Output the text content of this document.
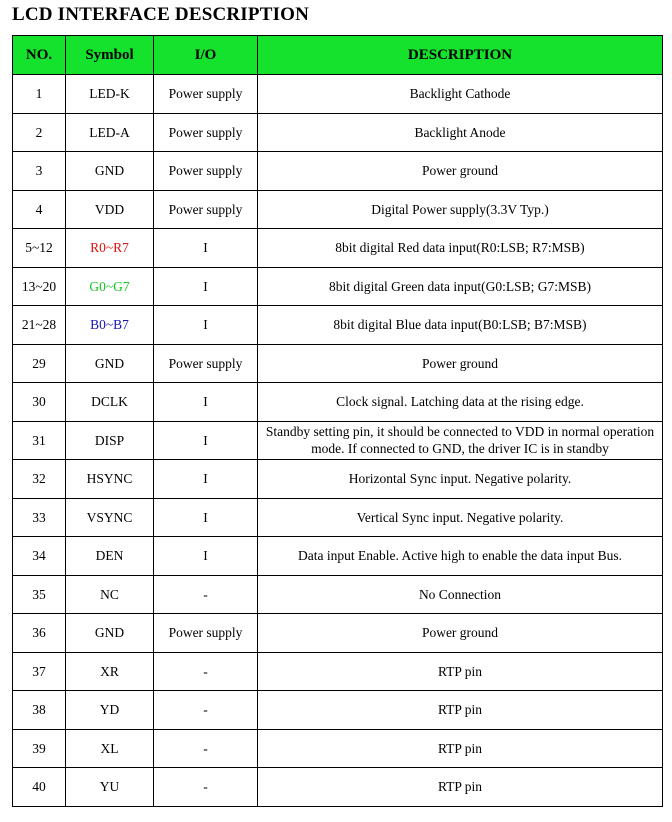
LCD INTERFACE DESCRIPTION
NO.	Symbol	I/O	DESCRIPTION
1	LED-K	Power supply	Backlight Cathode
2	LED-A	Power supply	Backlight Anode
3	GND	Power supply	Power ground
4	VDD	Power supply	Digital Power supply(3.3V Typ.)
5~12	R0~R7	I	8bit digital Red data input(R0:LSB; R7:MSB)
13~20	G0~G7	I	8bit digital Green data input(G0:LSB; G7:MSB)
21~28	B0~B7	I	8bit digital Blue data input(B0:LSB; B7:MSB)
29	GND	Power supply	Power ground
30	DCLK	I	Clock signal. Latching data at the rising edge.
31	DISP	I	Standby setting pin, it should be connected to VDD in normal operation mode. If connected to GND, the driver IC is in standby
32	HSYNC	I	Horizontal Sync input. Negative polarity.
33	VSYNC	I	Vertical Sync input. Negative polarity.
34	DEN	I	Data input Enable. Active high to enable the data input Bus.
35	NC	-	No Connection
36	GND	Power supply	Power ground
37	XR	-	RTP pin
38	YD	-	RTP pin
39	XL	-	RTP pin
40	YU	-	RTP pin
